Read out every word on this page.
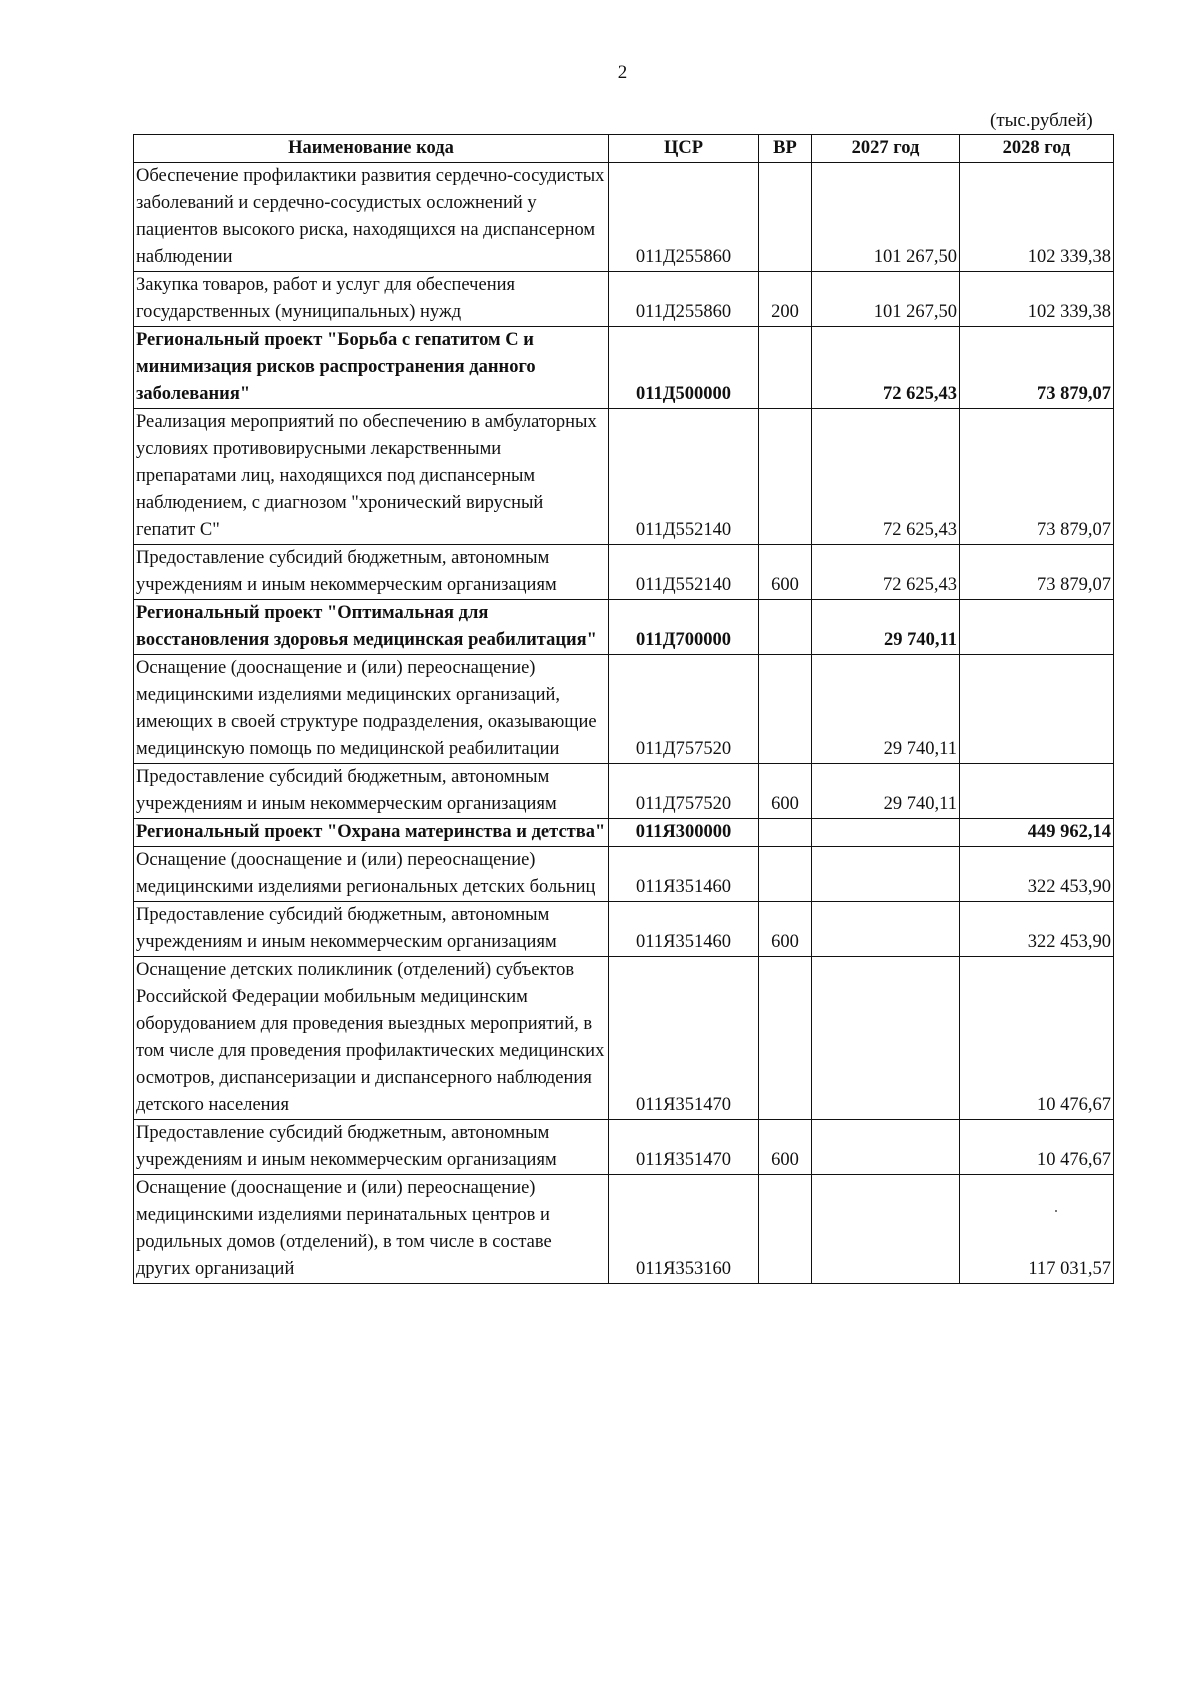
2
(тыс.рублей)
Наименование кода	ЦСР	ВР	2027 год	2028 год
Обеспечение профилактики развития сердечно-сосудистых заболеваний и сердечно-сосудистых осложнений у пациентов высокого риска, находящихся на диспансерном наблюдении	011Д255860		101 267,50	102 339,38
Закупка товаров, работ и услуг для обеспечения государственных (муниципальных) нужд	011Д255860	200	101 267,50	102 339,38
Региональный проект "Борьба с гепатитом С и минимизация рисков распространения данного заболевания"	011Д500000		72 625,43	73 879,07
Реализация мероприятий по обеспечению в амбулаторных условиях противовирусными лекарственными препаратами лиц, находящихся под диспансерным наблюдением, с диагнозом "хронический вирусный гепатит С"	011Д552140		72 625,43	73 879,07
Предоставление субсидий бюджетным, автономным учреждениям и иным некоммерческим организациям	011Д552140	600	72 625,43	73 879,07
Региональный проект "Оптимальная для восстановления здоровья медицинская реабилитация"	011Д700000		29 740,11	
Оснащение (дооснащение и (или) переоснащение) медицинскими изделиями медицинских организаций, имеющих в своей структуре подразделения, оказывающие медицинскую помощь по медицинской реабилитации	011Д757520		29 740,11	
Предоставление субсидий бюджетным, автономным учреждениям и иным некоммерческим организациям	011Д757520	600	29 740,11	
Региональный проект "Охрана материнства и детства"	011Я300000			449 962,14
Оснащение (дооснащение и (или) переоснащение) медицинскими изделиями региональных детских больниц	011Я351460			322 453,90
Предоставление субсидий бюджетным, автономным учреждениям и иным некоммерческим организациям	011Я351460	600		322 453,90
Оснащение детских поликлиник (отделений) субъектов Российской Федерации мобильным медицинским оборудованием для проведения выездных мероприятий, в том числе для проведения профилактических медицинских осмотров, диспансеризации и диспансерного наблюдения детского населения	011Я351470			10 476,67
Предоставление субсидий бюджетным, автономным учреждениям и иным некоммерческим организациям	011Я351470	600		10 476,67
Оснащение (дооснащение и (или) переоснащение) медицинскими изделиями перинатальных центров и родильных домов (отделений), в том числе в составе других организаций	011Я353160			117 031,57
